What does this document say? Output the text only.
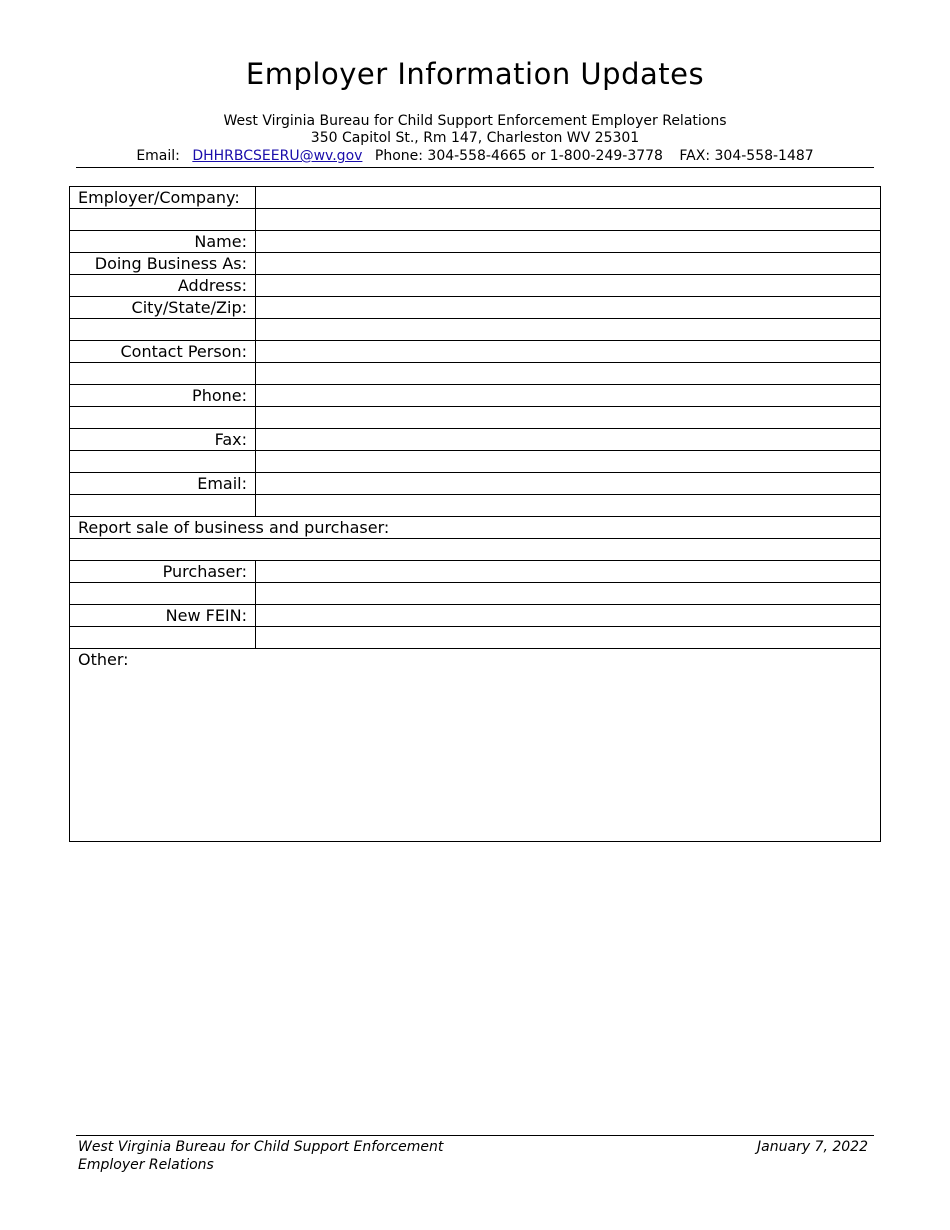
Employer Information Updates
West Virginia Bureau for Child Support Enforcement Employer Relations
350 Capitol St., Rm 147, Charleston WV 25301
Email: DHHRBCSEERU@wv.gov Phone: 304-558-4665 or 1-800-249-3778 FAX: 304-558-1487
Employer/Company:	

Name:	
Doing Business As:	
Address:	
City/State/Zip:	

Contact Person:	

Phone:	

Fax:	

Email:	

Report sale of business and purchaser:	

Purchaser:	

New FEIN:	

Other:	
West Virginia Bureau for Child Support Enforcement
Employer Relations
January 7, 2022
